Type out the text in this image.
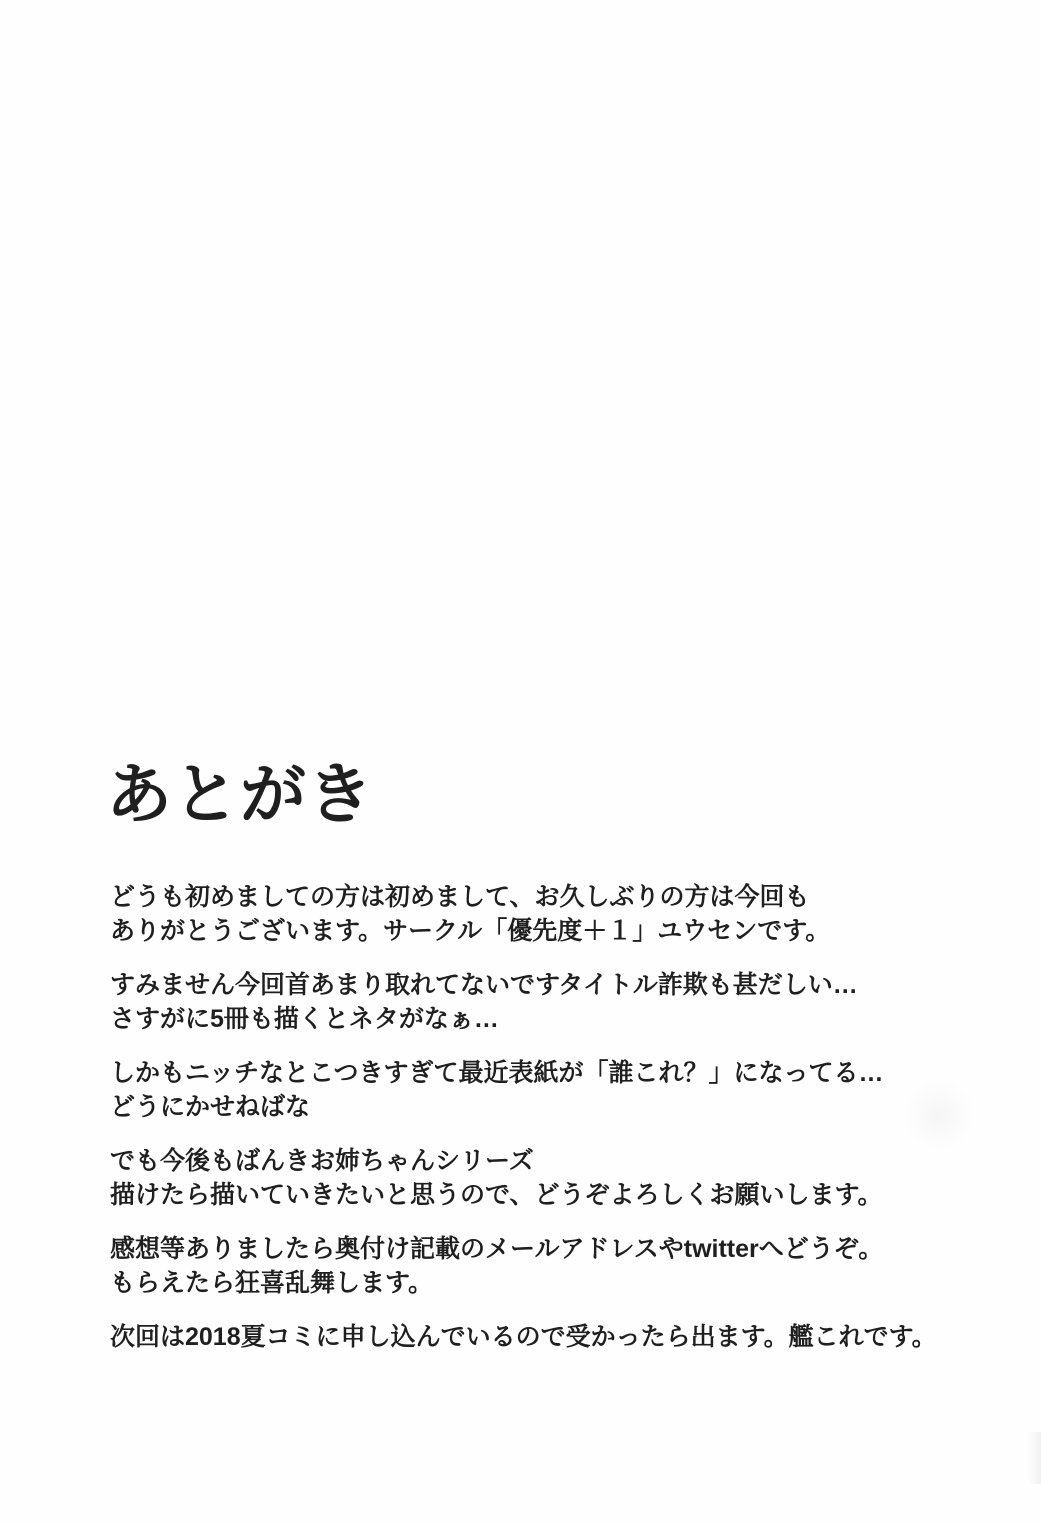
あとがき
どうも初めましての方は初めまして、お久しぶりの方は今回も
ありがとうございます。サークル「優先度＋１」ユウセンです。
すみません今回首あまり取れてないですタイトル詐欺も甚だしい…
さすがに5冊も描くとネタがなぁ…
しかもニッチなとこつきすぎて最近表紙が「誰これ？」になってる…
どうにかせねばな
でも今後もばんきお姉ちゃんシリーズ
描けたら描いていきたいと思うので、どうぞよろしくお願いします。
感想等ありましたら奥付け記載のメールアドレスやtwitterへどうぞ。
もらえたら狂喜乱舞します。
次回は2018夏コミに申し込んでいるので受かったら出ます。艦これです。
